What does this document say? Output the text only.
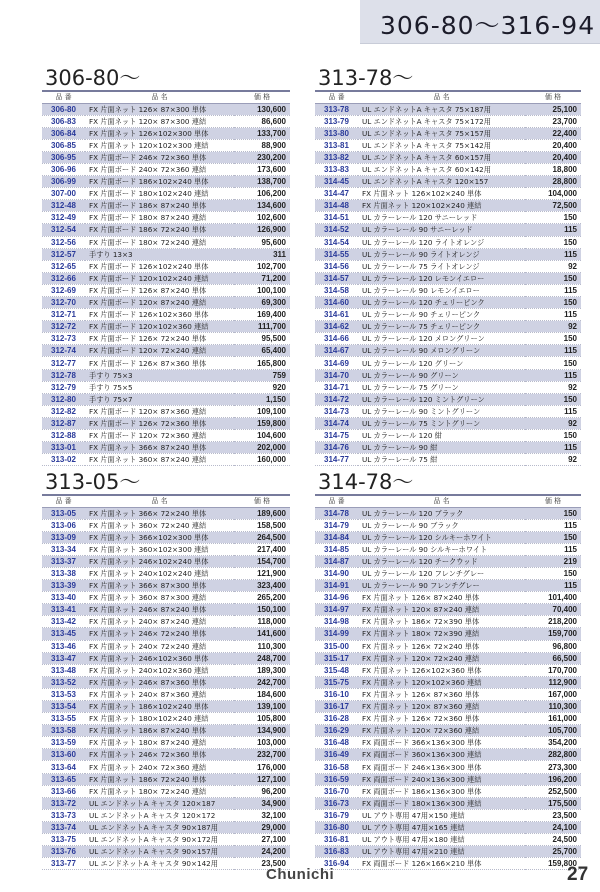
306-80～316-94
306-80～
品 番	品 名	価 格
306-80	FX 片面ネット 126× 87×300 単体	130,600
306-83	FX 片面ネット 120× 87×300 連結	86,600
306-84	FX 片面ネット 126×102×300 単体	133,700
306-85	FX 片面ネット 120×102×300 連結	88,900
306-95	FX 片面ボード 246× 72×360 単体	230,200
306-96	FX 片面ボード 240× 72×360 連結	173,600
306-99	FX 片面ボード 186×102×240 単体	138,700
307-00	FX 片面ボード 180×102×240 連結	106,200
312-48	FX 片面ボード 186× 87×240 単体	134,600
312-49	FX 片面ボード 180× 87×240 連結	102,600
312-54	FX 片面ボード 186× 72×240 単体	126,900
312-56	FX 片面ボード 180× 72×240 連結	95,600
312-57	手すり 13×3	311
312-65	FX 片面ボード 126×102×240 単体	102,700
312-66	FX 片面ボード 120×102×240 連結	71,200
312-69	FX 片面ボード 126× 87×240 単体	100,100
312-70	FX 片面ボード 120× 87×240 連結	69,300
312-71	FX 片面ボード 126×102×360 単体	169,400
312-72	FX 片面ボード 120×102×360 連結	111,700
312-73	FX 片面ボード 126× 72×240 単体	95,500
312-74	FX 片面ボード 120× 72×240 連結	65,400
312-77	FX 片面ボード 126× 87×360 単体	165,800
312-78	手すり 75×3	759
312-79	手すり 75×5	920
312-80	手すり 75×7	1,150
312-82	FX 片面ボード 120× 87×360 連結	109,100
312-87	FX 片面ボード 126× 72×360 単体	159,800
312-88	FX 片面ボード 120× 72×360 連結	104,600
313-01	FX 片面ネット 366× 87×240 単体	202,000
313-02	FX 片面ネット 360× 87×240 連結	160,000
313-78～
品 番	品 名	価 格
313-78	UL エンドネットA キャスタ 75×187用	25,100
313-79	UL エンドネットA キャスタ 75×172用	23,700
313-80	UL エンドネットA キャスタ 75×157用	22,400
313-81	UL エンドネットA キャスタ 75×142用	20,400
313-82	UL エンドネットA キャスタ 60×157用	20,400
313-83	UL エンドネットA キャスタ 60×142用	18,800
314-45	UL エンドネットA キャスタ 120×157	28,800
314-47	FX 片面ネット 126×102×240 単体	104,000
314-48	FX 片面ネット 120×102×240 連結	72,500
314-51	UL カラーレール 120 サニーレッド	150
314-52	UL カラーレール 90 サニーレッド	115
314-54	UL カラーレール 120 ライトオレンジ	150
314-55	UL カラーレール 90 ライトオレンジ	115
314-56	UL カラーレール 75 ライトオレンジ	92
314-57	UL カラーレール 120 レモンイエロー	150
314-58	UL カラーレール 90 レモンイエロー	115
314-60	UL カラーレール 120 チェリーピンク	150
314-61	UL カラーレール 90 チェリーピンク	115
314-62	UL カラーレール 75 チェリーピンク	92
314-66	UL カラーレール 120 メロングリーン	150
314-67	UL カラーレール 90 メロングリーン	115
314-69	UL カラーレール 120 グリーン	150
314-70	UL カラーレール 90 グリーン	115
314-71	UL カラーレール 75 グリーン	92
314-72	UL カラーレール 120 ミントグリーン	150
314-73	UL カラーレール 90 ミントグリーン	115
314-74	UL カラーレール 75 ミントグリーン	92
314-75	UL カラーレール 120 紺	150
314-76	UL カラーレール 90 紺	115
314-77	UL カラーレール 75 紺	92
313-05～
品 番	品 名	価 格
313-05	FX 片面ネット 366× 72×240 単体	189,600
313-06	FX 片面ネット 360× 72×240 連結	158,500
313-09	FX 片面ネット 366×102×300 単体	264,500
313-34	FX 片面ネット 360×102×300 連結	217,400
313-37	FX 片面ネット 246×102×240 単体	154,700
313-38	FX 片面ネット 240×102×240 連結	121,900
313-39	FX 片面ネット 366× 87×300 単体	323,400
313-40	FX 片面ネット 360× 87×300 連結	265,200
313-41	FX 片面ネット 246× 87×240 単体	150,100
313-42	FX 片面ネット 240× 87×240 連結	118,000
313-45	FX 片面ネット 246× 72×240 単体	141,600
313-46	FX 片面ネット 240× 72×240 連結	110,300
313-47	FX 片面ネット 246×102×360 単体	248,700
313-48	FX 片面ネット 240×102×360 連結	189,300
313-52	FX 片面ネット 246× 87×360 単体	242,700
313-53	FX 片面ネット 240× 87×360 連結	184,600
313-54	FX 片面ネット 186×102×240 単体	139,100
313-55	FX 片面ネット 180×102×240 連結	105,800
313-58	FX 片面ネット 186× 87×240 単体	134,900
313-59	FX 片面ネット 180× 87×240 連結	103,000
313-60	FX 片面ネット 246× 72×360 単体	232,700
313-64	FX 片面ネット 240× 72×360 連結	176,000
313-65	FX 片面ネット 186× 72×240 単体	127,100
313-66	FX 片面ネット 180× 72×240 連結	96,200
313-72	UL エンドネットA キャスタ 120×187	34,900
313-73	UL エンドネットA キャスタ 120×172	32,100
313-74	UL エンドネットA キャスタ 90×187用	29,000
313-75	UL エンドネットA キャスタ 90×172用	27,100
313-76	UL エンドネットA キャスタ 90×157用	24,200
313-77	UL エンドネットA キャスタ 90×142用	23,500
314-78～
品 番	品 名	価 格
314-78	UL カラーレール 120 ブラック	150
314-79	UL カラーレール 90 ブラック	115
314-84	UL カラーレール 120 シルキーホワイト	150
314-85	UL カラーレール 90 シルキーホワイト	115
314-87	UL カラーレール 120 チークウッド	219
314-90	UL カラーレール 120 フレンチグレー	150
314-91	UL カラーレール 90 フレンチグレー	115
314-96	FX 片面ネット 126× 87×240 単体	101,400
314-97	FX 片面ネット 120× 87×240 連結	70,400
314-98	FX 片面ネット 186× 72×390 単体	218,200
314-99	FX 片面ネット 180× 72×390 連結	159,700
315-00	FX 片面ネット 126× 72×240 単体	96,800
315-17	FX 片面ネット 120× 72×240 連結	66,500
315-48	FX 片面ネット 126×102×360 単体	170,700
315-75	FX 片面ネット 120×102×360 連結	112,900
316-10	FX 片面ネット 126× 87×360 単体	167,000
316-17	FX 片面ネット 120× 87×360 連結	110,300
316-28	FX 片面ネット 126× 72×360 単体	161,000
316-29	FX 片面ネット 120× 72×360 連結	105,700
316-48	FX 両面ボード 366×136×300 単体	354,200
316-49	FX 両面ボード 360×136×300 連結	282,800
316-58	FX 両面ボード 246×136×300 単体	273,300
316-59	FX 両面ボード 240×136×300 連結	196,200
316-70	FX 両面ボード 186×136×300 単体	252,500
316-73	FX 両面ボード 180×136×300 連結	175,500
316-79	UL アウト専用 47用×150 連結	23,500
316-80	UL アウト専用 47用×165 連結	24,100
316-81	UL アウト専用 47用×180 連結	24,500
316-83	UL アウト専用 47用×210 連結	25,700
316-94	FX 両面ボード 126×166×210 単体	159,800
Chunichi	27
